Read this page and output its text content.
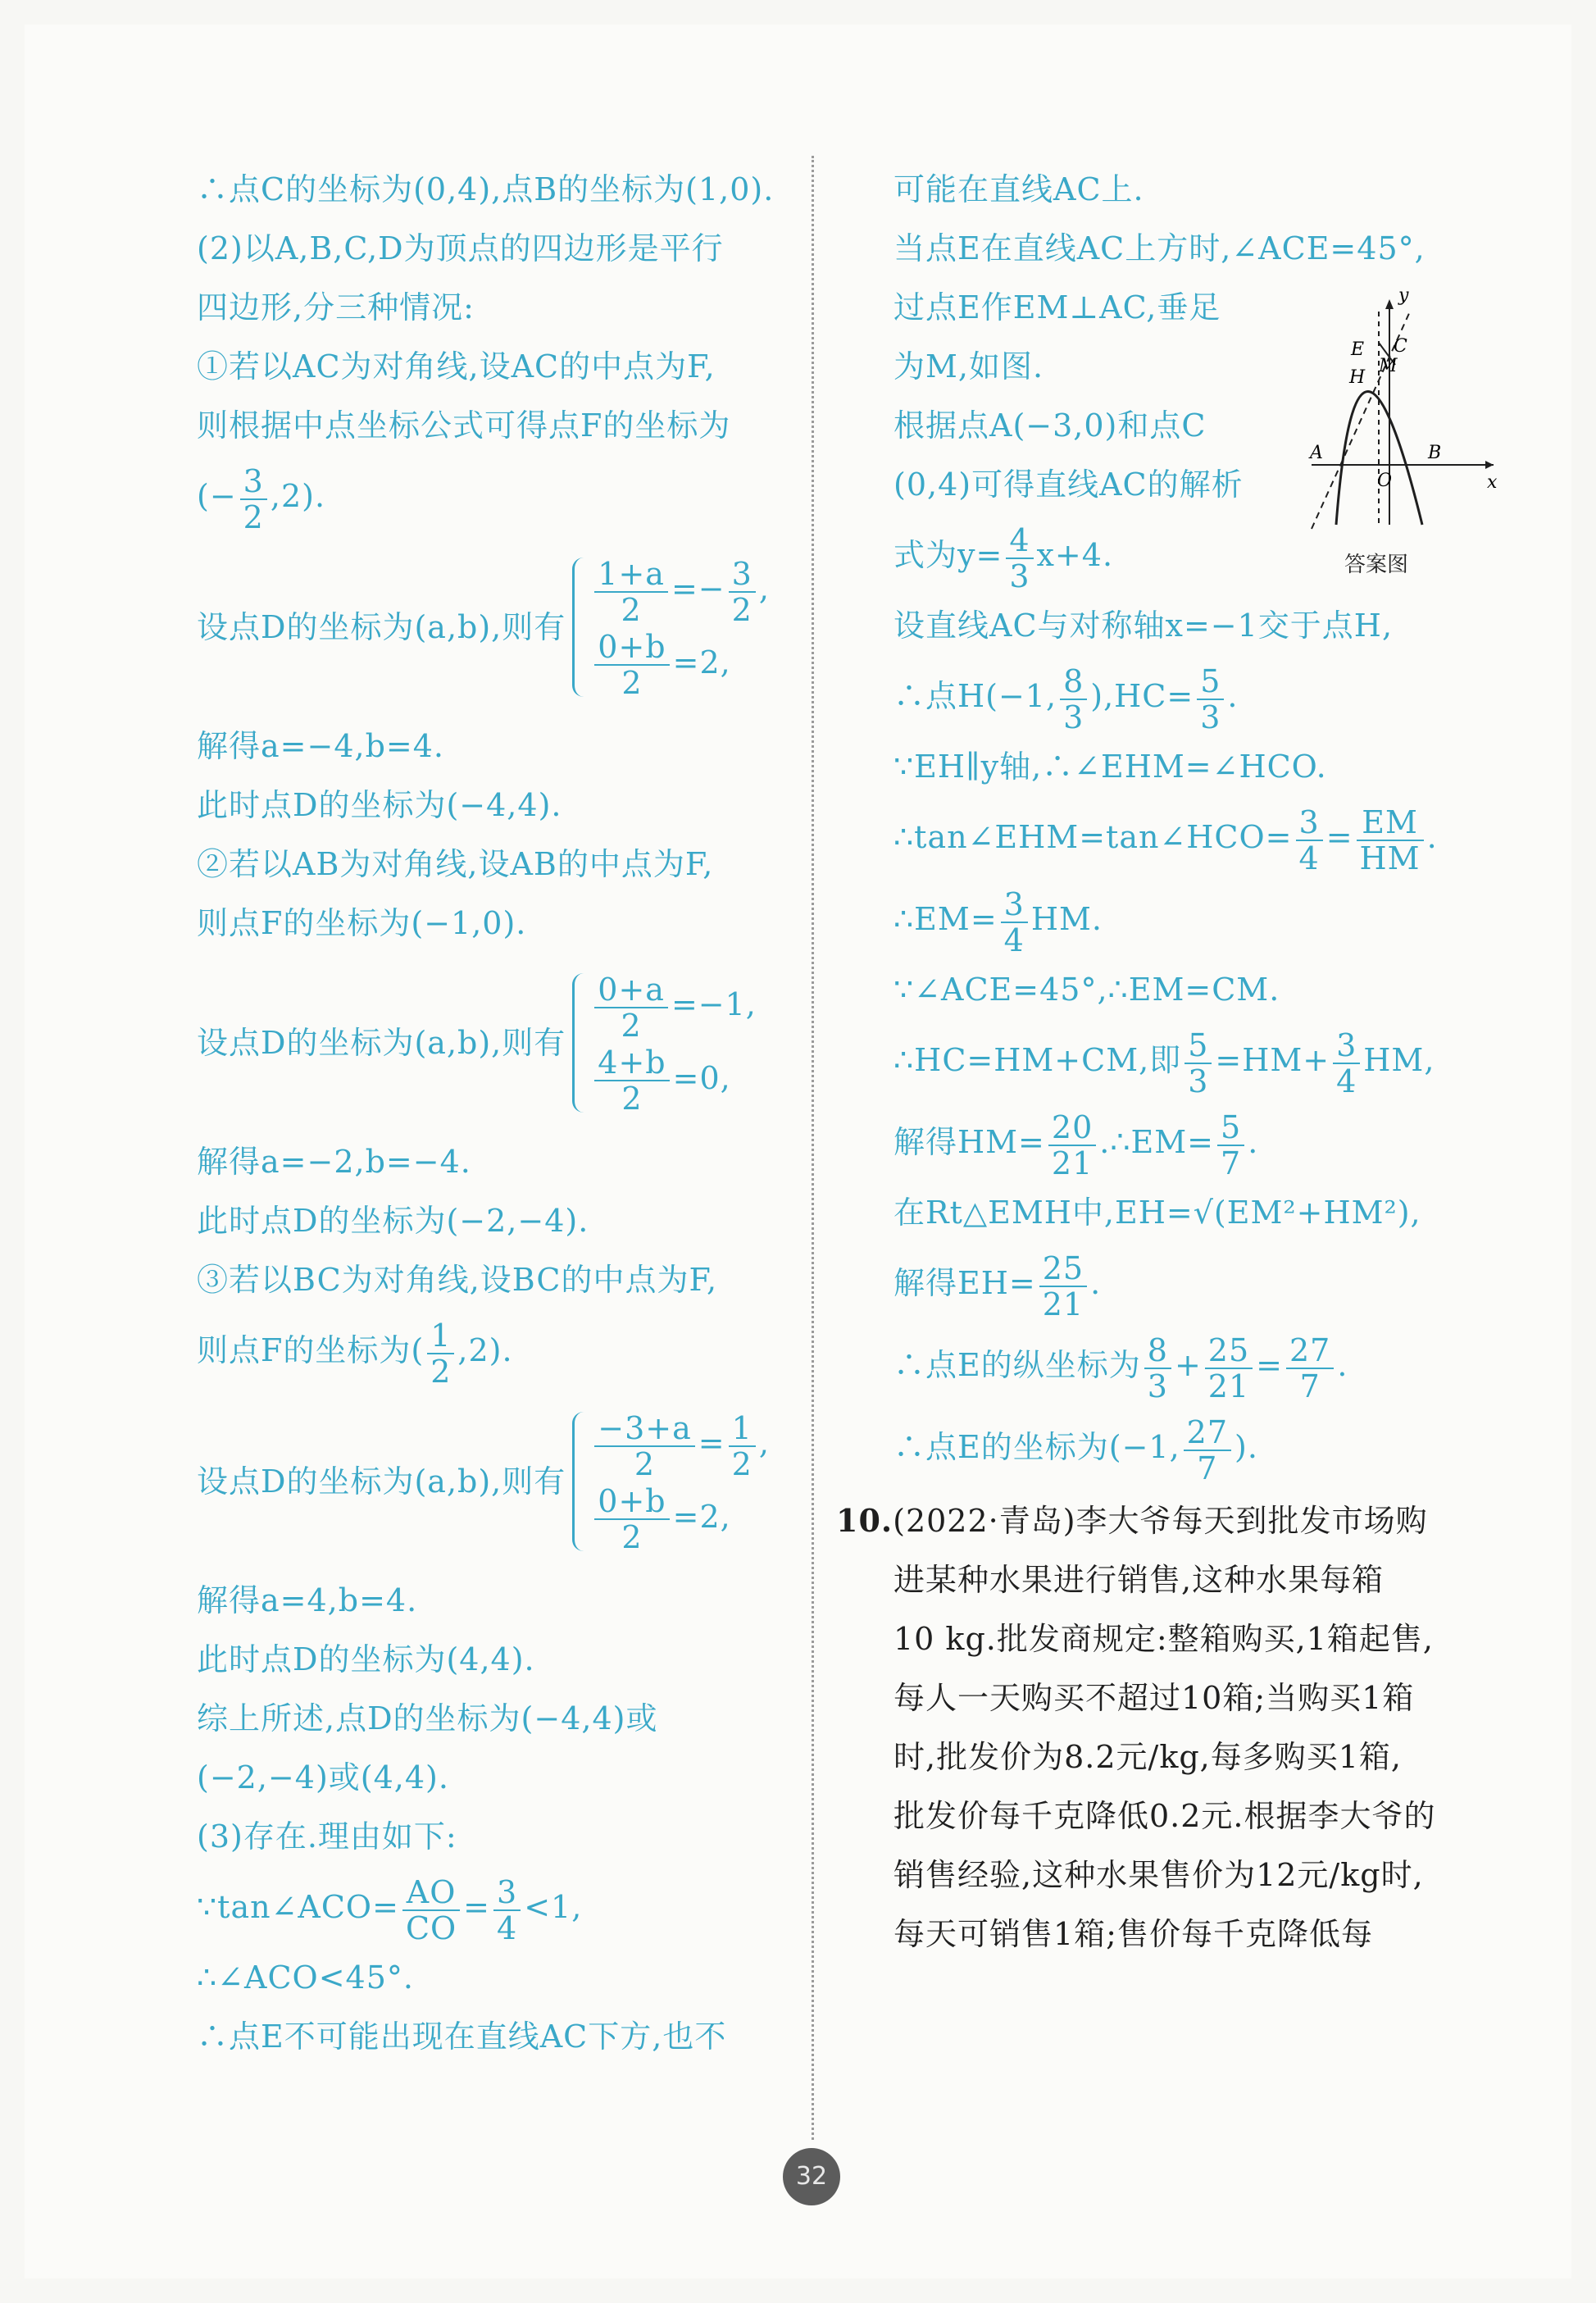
∴点C的坐标为(0,4),点B的坐标为(1,0).
(2)以A,B,C,D为顶点的四边形是平行
四边形,分三种情况:
①若以AC为对角线,设AC的中点为F,
则根据中点坐标公式可得点F的坐标为
(− $\frac{3}{2} ,2$).
设点D的坐标为(a,b),则有 $\frac{1+a}{2} =- \frac{3}{2}$ ,
$\frac{0+b}{2} =2$,
解得a=−4,b=4.
此时点D的坐标为(−4,4).
②若以AB为对角线,设AB的中点为F,
则点F的坐标为(−1,0).
设点D的坐标为(a,b),则有 $\frac{0+a}{2} =-1$,
$\frac{4+b}{2} =0$,
解得a=−2,b=−4.
此时点D的坐标为(−2,−4).
③若以BC为对角线,设BC的中点为F,
则点F的坐标为( $\frac{1}{2} ,2$).
设点D的坐标为(a,b),则有 $\frac{-3+a}{2} = \frac{1}{2}$ ,
$\frac{0+b}{2} =2$,
解得a=4,b=4.
此时点D的坐标为(4,4).
综上所述,点D的坐标为(−4,4)或
(−2,−4)或(4,4).
(3)存在.理由如下:
∵tan∠ACO= $\frac{AO}{CO} = \frac{3}{4} <1$,
∴∠ACO<45°.
∴点E不可能出现在直线AC下方,也不
可能在直线AC上.
当点E在直线AC上方时,∠ACE=45°,
过点E作EM⊥AC,垂足
为M,如图.
根据点A(−3,0)和点C
(0,4)可得直线AC的解析
式为$y= \frac{4}{3} x+4$.
设直线AC与对称轴x=−1交于点H,
∴点H(−1, $\frac{8}{3} ),HC= \frac{5}{3}$ .
∵EH∥y轴,∴∠EHM=∠HCO.
∴tan∠EHM=tan∠HCO= $\frac{3}{4} = \frac{EM}{HM}$ .
∴EM= $\frac{3}{4}$ HM.
∵∠ACE=45°,∴EM=CM.
∴HC=HM+CM,即 $\frac{5}{3} =HM+ \frac{3}{4}$ HM,
解得$HM= \frac{20}{21}$ .∴EM= $\frac{5}{7}$ .
在Rt△EMH中,EH=√(EM²+HM²),
解得$EH= \frac{25}{21}$ .
∴点E的纵坐标为 $\frac{8}{3} + \frac{25}{21} = \frac{27}{7}$ .
∴点E的坐标为(−1, $\frac{27}{7}$ ).
10.(2022·青岛)李大爷每天到批发市场购
进某种水果进行销售,这种水果每箱
10 kg.批发商规定:整箱购买,1箱起售,
每人一天购买不超过10箱;当购买1箱
时,批发价为8.2元/kg,每多购买1箱,
批发价每千克降低0.2元.根据李大爷的
销售经验,这种水果售价为12元/kg时,
每天可销售1箱;售价每千克降低每
y
x
E C
H
M
A
O
B
答案图
32
